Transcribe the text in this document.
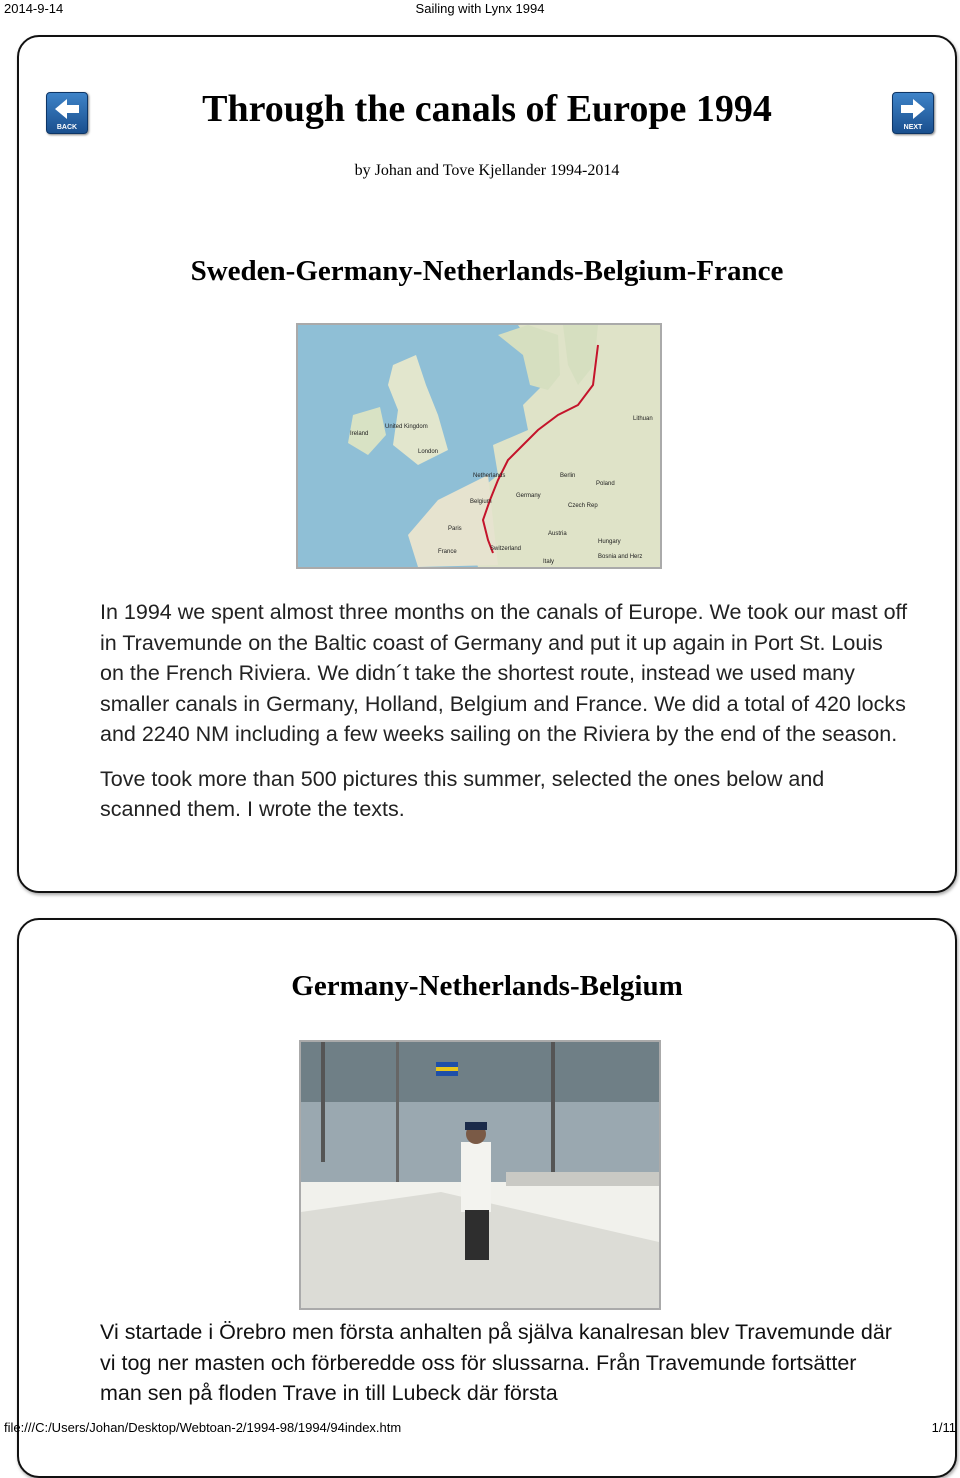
2014-9-14	Sailing with Lynx 1994
BACK	NEXT
Through the canals of Europe 1994
by Johan and Tove Kjellander 1994-2014
Sweden-Germany-Netherlands-Belgium-France
United Kingdom
Ireland
London
Netherlands
Belgium
Germany
Berlin
Poland
Czech Rep
Paris
France	Switzerland
Austria
Hungary
Italy
Bosnia and Herz
Lithuan

In 1994 we spent almost three months on the canals of Europe. We took our mast off in Travemunde on the Baltic coast of Germany and put it up again in Port St. Louis on the French Riviera. We didn´t take the shortest route, instead we used many smaller canals in Germany, Holland, Belgium and France. We did a total of 420 locks and 2240 NM including a few weeks sailing on the Riviera by the end of the season.

Tove took more than 500 pictures this summer, selected the ones below and scanned them. I wrote the texts.

Germany-Netherlands-Belgium

Vi startade i Örebro men första anhalten på själva kanalresan blev Travemunde där vi tog ner masten och förberedde oss för slussarna. Från Travemunde fortsätter man sen på floden Trave in till Lubeck där första

file:///C:/Users/Johan/Desktop/Webtoan-2/1994-98/1994/94index.htm	1/11
